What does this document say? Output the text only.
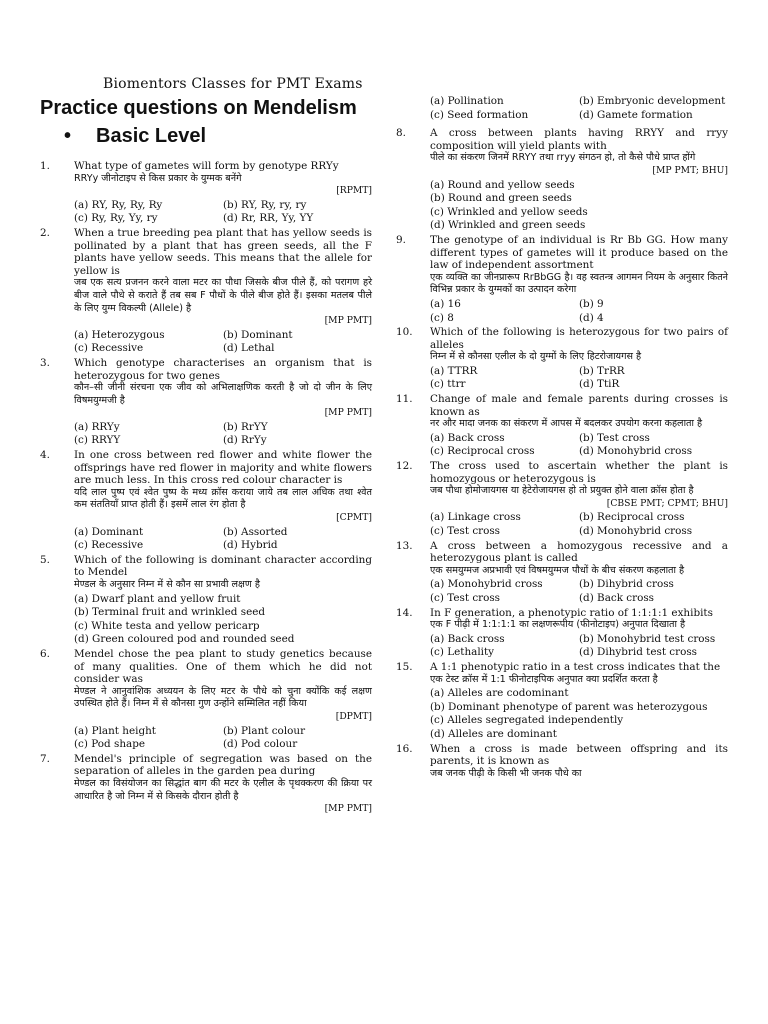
Biomentors Classes for PMT Exams
Practice questions on Mendelism
• Basic Level
1. What type of gametes will form by genotype RRYy
RRYy जीनोटाइप से किस प्रकार के युग्मक बनेंगे
[RPMT]
(a) RY, Ry, Ry, Ry	(b) RY, Ry, ry, ry
(c) Ry, Ry, Yy, ry	(d) Rr, RR, Yy, YY
2. When a true breeding pea plant that has yellow seeds is pollinated by a plant that has green seeds, all the F plants have yellow seeds. This means that the allele for yellow is
जब एक सत्य प्रजनन करने वाला मटर का पौधा जिसके बीज पीले हैं, को परागण हरे बीज वाले पौधे से कराते हैं तब सब F पौधों के पीले बीज होते हैं। इसका मतलब पीले के लिए युग्म विकल्पी (Allele) है
[MP PMT]
(a) Heterozygous	(b) Dominant
(c) Recessive	(d) Lethal
3. Which genotype characterises an organism that is heterozygous for two genes
कौन–सी जीनी संरचना एक जीव को अभिलाक्षणिक करती है जो दो जीन के लिए विषमयुग्मजी है
[MP PMT]
(a) RRYy	(b) RrYY
(c) RRYY	(d) RrYy
4. In one cross between red flower and white flower the offsprings have red flower in majority and white flowers are much less. In this cross red colour character is
यदि लाल पुष्प एवं श्वेत पुष्प के मध्य क्रॉस कराया जाये तब लाल अधिक तथा श्वेत कम संततियाँ प्राप्त होती हैं। इसमें लाल रंग होता है
[CPMT]
(a) Dominant	(b) Assorted
(c) Recessive	(d) Hybrid
5. Which of the following is dominant character according to Mendel
मेण्डल के अनुसार निम्न में से कौन सा प्रभावी लक्षण है
(a) Dwarf plant and yellow fruit
(b) Terminal fruit and wrinkled seed
(c) White testa and yellow pericarp
(d) Green coloured pod and rounded seed
6. Mendel chose the pea plant to study genetics because of many qualities. One of them which he did not consider was
मेण्डल ने आनुवांशिक अध्ययन के लिए मटर के पौधे को चुना क्योंकि कई लक्षण उपस्थित होते हैं। निम्न में से कौनसा गुण उन्होंने सम्मिलित नहीं किया
[DPMT]
(a) Plant height	(b) Plant colour
(c) Pod shape	(d) Pod colour
7. Mendel's principle of segregation was based on the separation of alleles in the garden pea during
मेण्डल का विसंयोजन का सिद्धांत बाग की मटर के एलील के पृथक्करण की क्रिया पर आधारित है जो निम्न में से किसके दौरान होती है
[MP PMT]
(a) Pollination	(b) Embryonic development
(c) Seed formation	(d) Gamete formation
8. A cross between plants having RRYY and rryy composition will yield plants with
पीले का संकरण जिनमें RRYY तथा rryy संगठन हो, तो कैसे पौधे प्राप्त होंगे
[MP PMT; BHU]
(a) Round and yellow seeds
(b) Round and green seeds
(c) Wrinkled and yellow seeds
(d) Wrinkled and green seeds
9. The genotype of an individual is Rr Bb GG. How many different types of gametes will it produce based on the law of independent assortment
एक व्यक्ति का जीनप्रारूप RrBbGG है। वह स्वतन्त्र आगमन नियम के अनुसार कितने विभिन्न प्रकार के युग्मकों का उत्पादन करेगा
(a) 16	(b) 9
(c) 8	(d) 4
10. Which of the following is heterozygous for two pairs of alleles
निम्न में से कौनसा एलील के दो युग्मों के लिए हिटरोजायगस है
(a) TTRR	(b) TrRR
(c) ttrr	(d) TtiR
11. Change of male and female parents during crosses is known as
नर और मादा जनक का संकरण में आपस में बदलकर उपयोग करना कहलाता है
(a) Back cross	(b) Test cross
(c) Reciprocal cross	(d) Monohybrid cross
12. The cross used to ascertain whether the plant is homozygous or heterozygous is
जब पौधा होमोजायगस या हेटेरोजायगस हो तो प्रयुक्त होने वाला क्रॉस होता है
[CBSE PMT; CPMT; BHU]
(a) Linkage cross	(b) Reciprocal cross
(c) Test cross	(d) Monohybrid cross
13. A cross between a homozygous recessive and a heterozygous plant is called
एक समयुग्मज अप्रभावी एवं विषमयुग्मज पौधों के बीच संकरण कहलाता है
(a) Monohybrid cross	(b) Dihybrid cross
(c) Test cross	(d) Back cross
14. In F generation, a phenotypic ratio of 1:1:1:1 exhibits
एक F पीढ़ी में 1:1:1:1 का लक्षणरूपीय (फीनोटाइप) अनुपात दिखाता है
(a) Back cross	(b) Monohybrid test cross
(c) Lethality	(d) Dihybrid test cross
15. A 1:1 phenotypic ratio in a test cross indicates that the
एक टेस्ट क्रॉस में 1:1 फीनोटाइपिक अनुपात क्या प्रदर्शित करता है
(a) Alleles are codominant
(b) Dominant phenotype of parent was heterozygous
(c) Alleles segregated independently
(d) Alleles are dominant
16. When a cross is made between offspring and its parents, it is known as
जब जनक पीढ़ी के किसी भी जनक पौधे का
